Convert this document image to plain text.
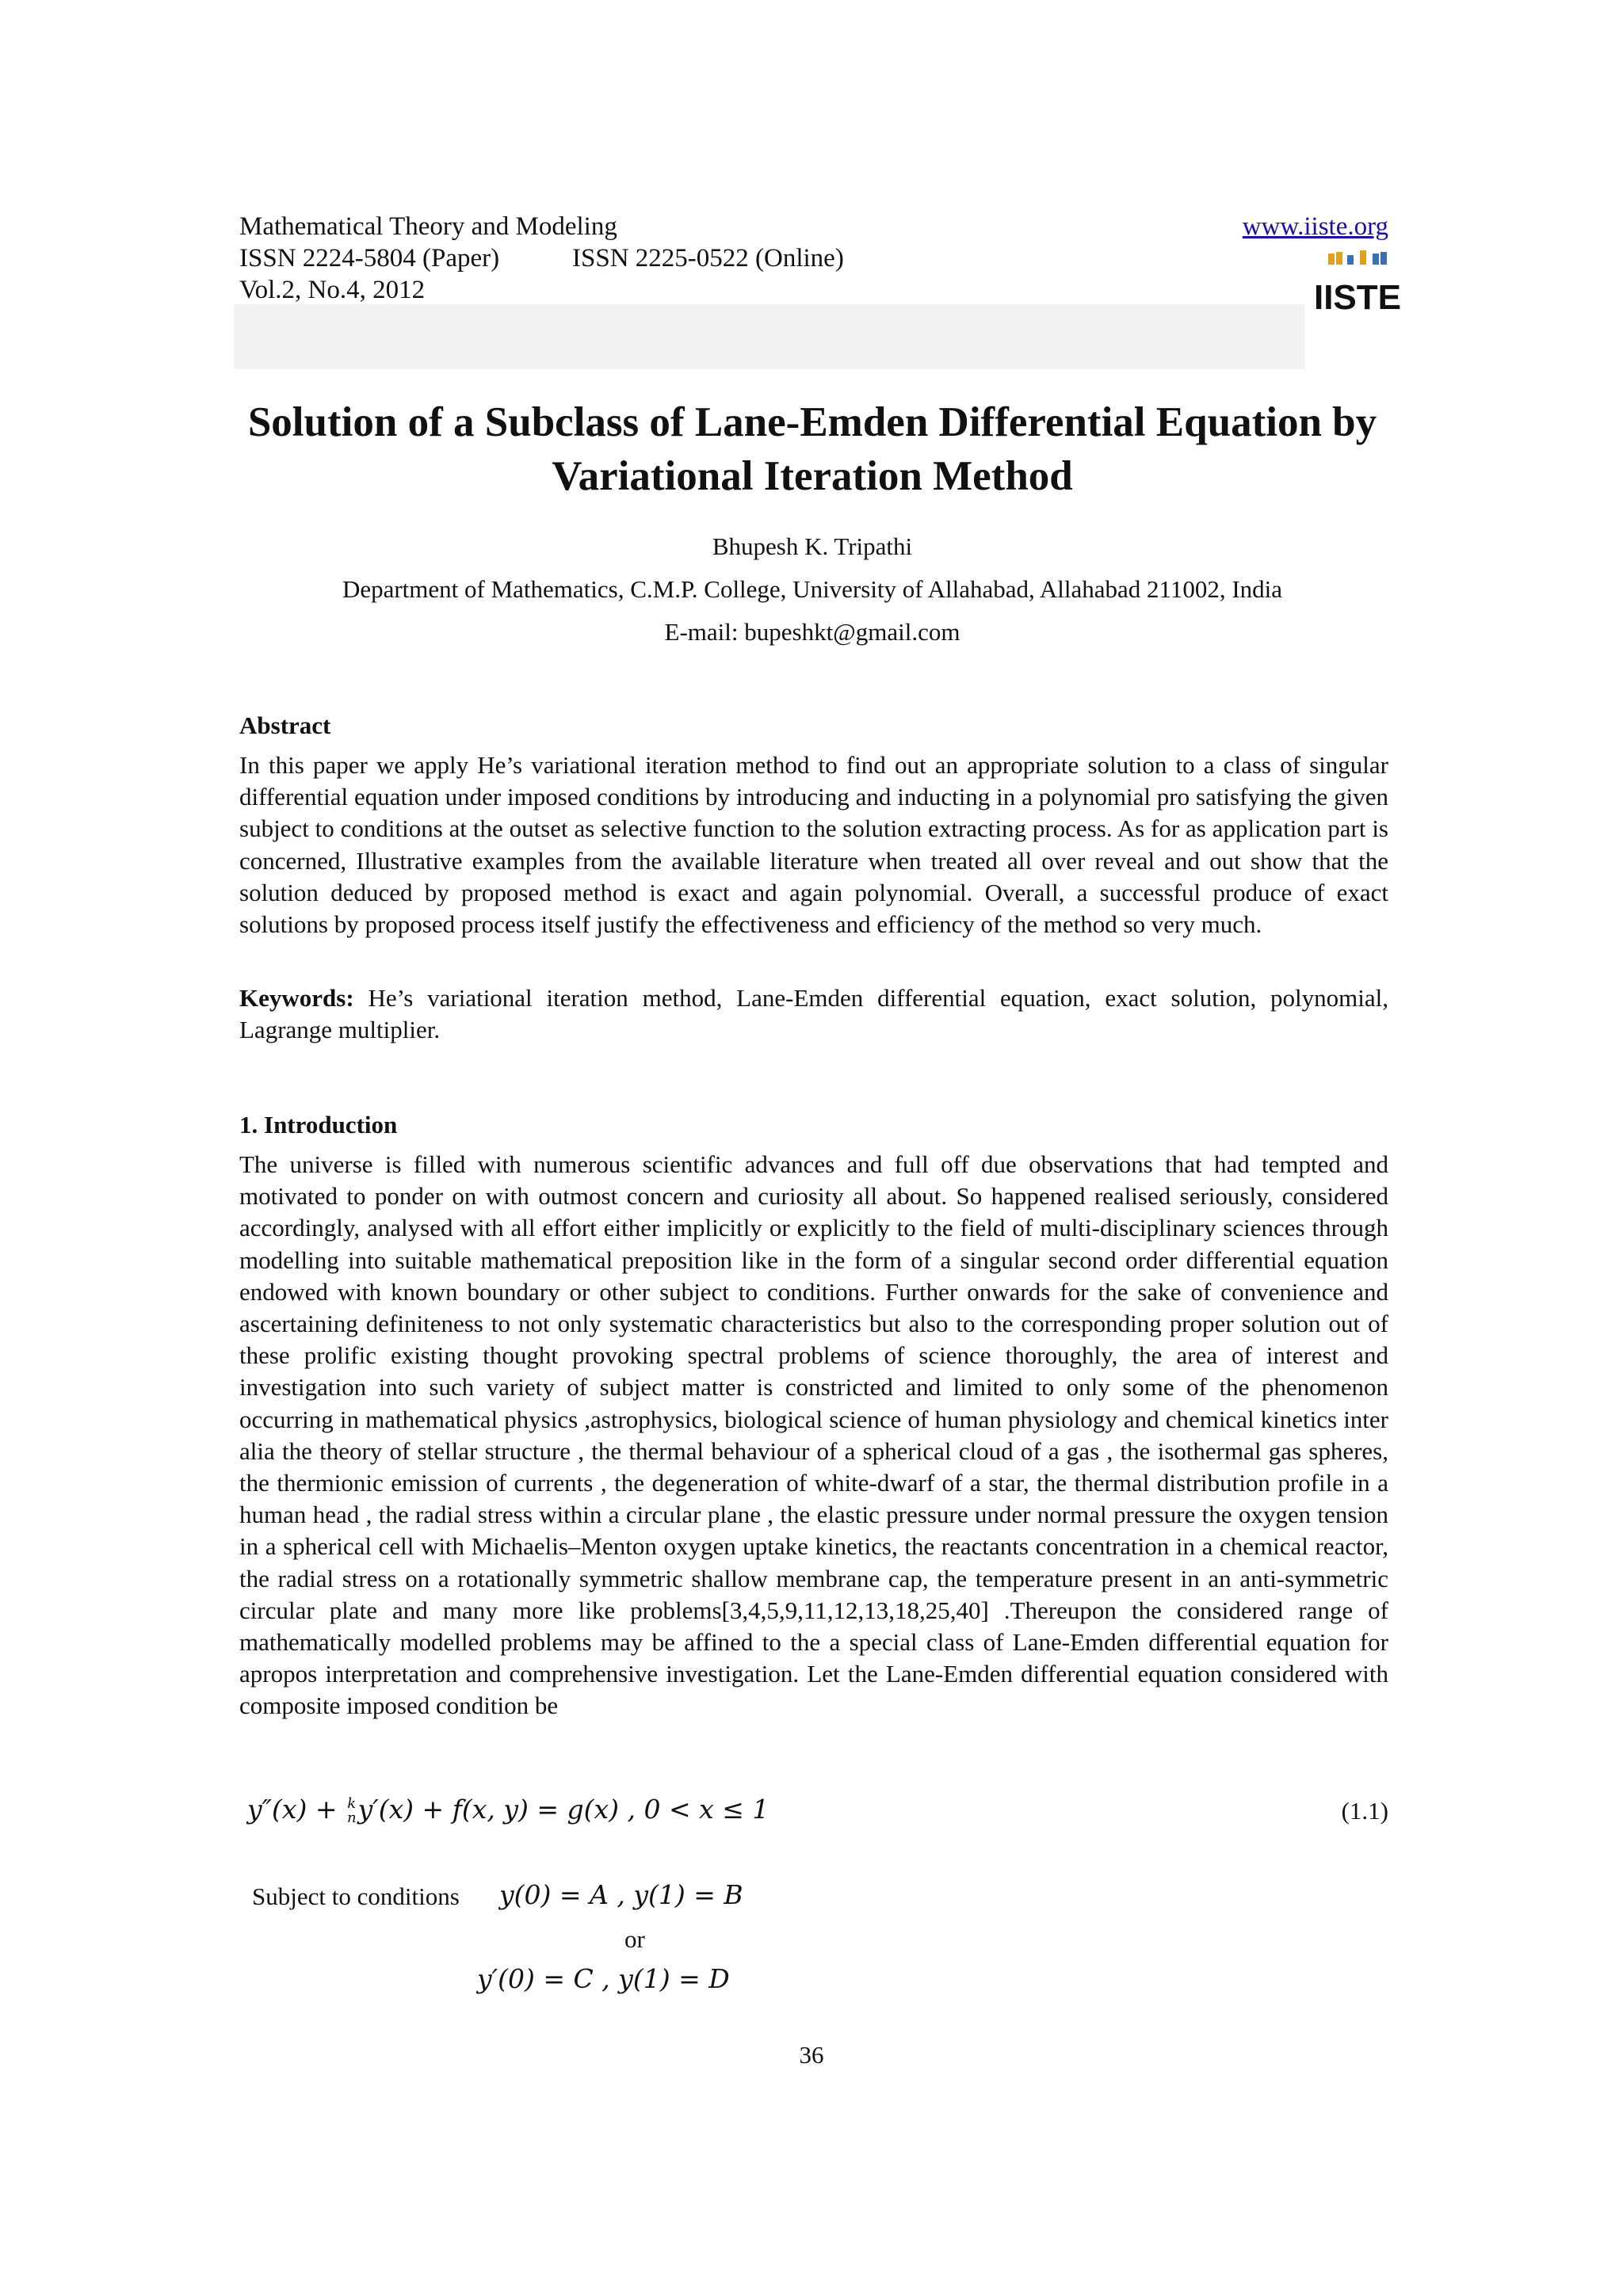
Mathematical Theory and Modeling	www.iiste.org
ISSN 2224-5804 (Paper)	ISSN 2225-0522 (Online)
Vol.2, No.4, 2012	IISTE
Solution of a Subclass of Lane-Emden Differential Equation by
Variational Iteration Method
Bhupesh K. Tripathi
Department of Mathematics, C.M.P. College, University of Allahabad, Allahabad 211002, India
E-mail: bupeshkt@gmail.com
Abstract
In this paper we apply He’s variational iteration method to find out an appropriate solution to a class of singular differential equation under imposed conditions by introducing and inducting in a polynomial pro satisfying the given subject to conditions at the outset as selective function to the solution extracting process. As for as application part is concerned, Illustrative examples from the available literature when treated all over reveal and out show that the solution deduced by proposed method is exact and again polynomial. Overall, a successful produce of exact solutions by proposed process itself justify the effectiveness and efficiency of the method so very much.
Keywords: He’s variational iteration method, Lane-Emden differential equation, exact solution, polynomial, Lagrange multiplier.
1. Introduction
The universe is filled with numerous scientific advances and full off due observations that had tempted and motivated to ponder on with outmost concern and curiosity all about. So happened realised seriously, considered accordingly, analysed with all effort either implicitly or explicitly to the field of multi-disciplinary sciences through modelling into suitable mathematical preposition like in the form of a singular second order differential equation endowed with known boundary or other subject to conditions. Further onwards for the sake of convenience and ascertaining definiteness to not only systematic characteristics but also to the corresponding proper solution out of these prolific existing thought provoking spectral problems of science thoroughly, the area of interest and investigation into such variety of subject matter is constricted and limited to only some of the phenomenon occurring in mathematical physics ,astrophysics, biological science of human physiology and chemical kinetics inter alia the theory of stellar structure , the thermal behaviour of a spherical cloud of a gas , the isothermal gas spheres, the thermionic emission of currents , the degeneration of white-dwarf of a star, the thermal distribution profile in a human head , the radial stress within a circular plane , the elastic pressure under normal pressure the oxygen tension in a spherical cell with Michaelis–Menton oxygen uptake kinetics, the reactants concentration in a chemical reactor, the radial stress on a rotationally symmetric shallow membrane cap, the temperature present in an anti-symmetric circular plate and many more like problems[3,4,5,9,11,12,13,18,25,40] .Thereupon the considered range of mathematically modelled problems may be affined to the a special class of Lane-Emden differential equation for apropos interpretation and comprehensive investigation. Let the Lane-Emden differential equation considered with composite imposed condition be
y″(x) + k
n y′(x) + f(x, y) = g(x) , 0 < x ≤ 1	(1.1)
Subject to conditions y(0) = A , y(1) = B
or
y′(0) = C , y(1) = D
36
